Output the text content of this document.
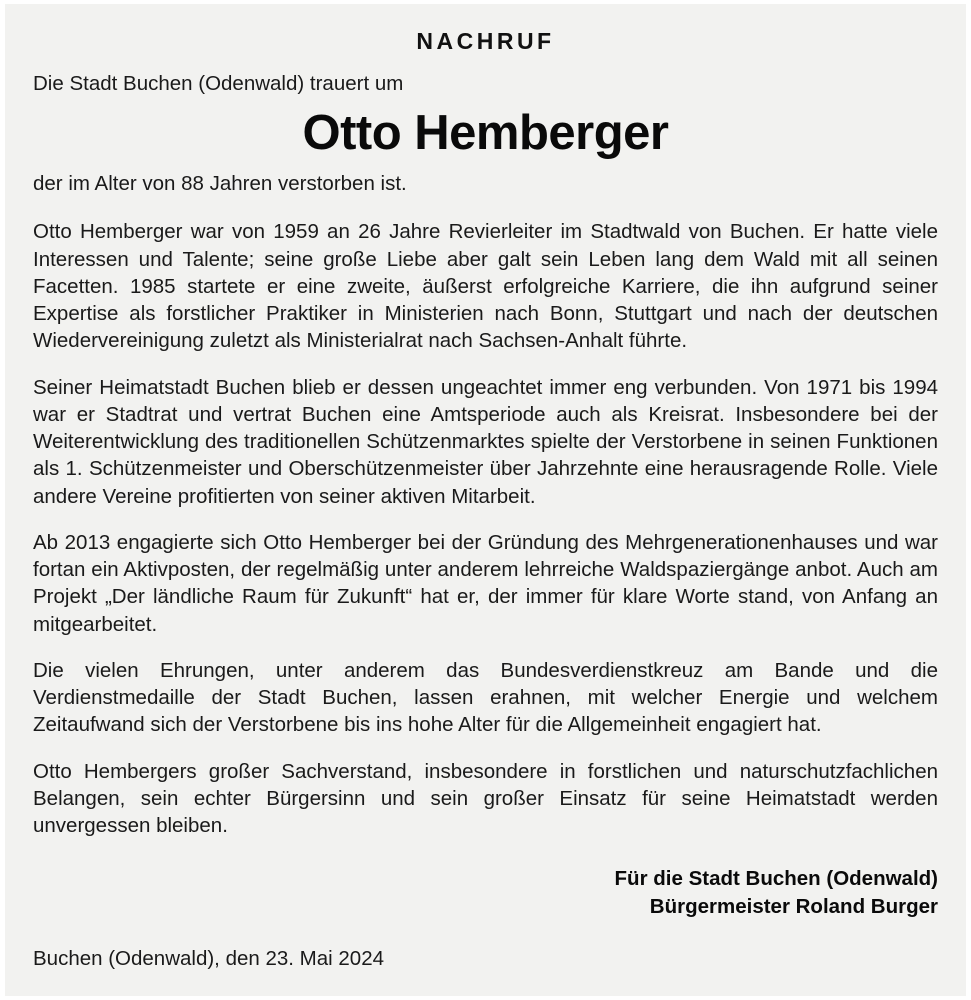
NACHRUF

Die Stadt Buchen (Odenwald) trauert um

Otto Hemberger

der im Alter von 88 Jahren verstorben ist.

Otto Hemberger war von 1959 an 26 Jahre Revierleiter im Stadtwald von Buchen. Er hatte viele Interessen und Talente; seine große Liebe aber galt sein Leben lang dem Wald mit all seinen Facetten. 1985 startete er eine zweite, äußerst erfolgreiche Karriere, die ihn aufgrund seiner Expertise als forstlicher Praktiker in Ministerien nach Bonn, Stuttgart und nach der deutschen Wiedervereinigung zuletzt als Ministerialrat nach Sachsen-Anhalt führte.

Seiner Heimatstadt Buchen blieb er dessen ungeachtet immer eng verbunden. Von 1971 bis 1994 war er Stadtrat und vertrat Buchen eine Amtsperiode auch als Kreisrat. Insbesondere bei der Weiterentwicklung des traditionellen Schützenmarktes spielte der Verstorbene in seinen Funktionen als 1. Schützenmeister und Oberschützenmeister über Jahrzehnte eine herausragende Rolle. Viele andere Vereine profitierten von seiner aktiven Mitarbeit.

Ab 2013 engagierte sich Otto Hemberger bei der Gründung des Mehrgenerationenhauses und war fortan ein Aktivposten, der regelmäßig unter anderem lehrreiche Waldspaziergänge anbot. Auch am Projekt „Der ländliche Raum für Zukunft“ hat er, der immer für klare Worte stand, von Anfang an mitgearbeitet.

Die vielen Ehrungen, unter anderem das Bundesverdienstkreuz am Bande und die Verdienstmedaille der Stadt Buchen, lassen erahnen, mit welcher Energie und welchem Zeitaufwand sich der Verstorbene bis ins hohe Alter für die Allgemeinheit engagiert hat.

Otto Hembergers großer Sachverstand, insbesondere in forstlichen und naturschutzfachlichen Belangen, sein echter Bürgersinn und sein großer Einsatz für seine Heimatstadt werden unvergessen bleiben.

Für die Stadt Buchen (Odenwald)
Bürgermeister Roland Burger
Buchen (Odenwald), den 23. Mai 2024
